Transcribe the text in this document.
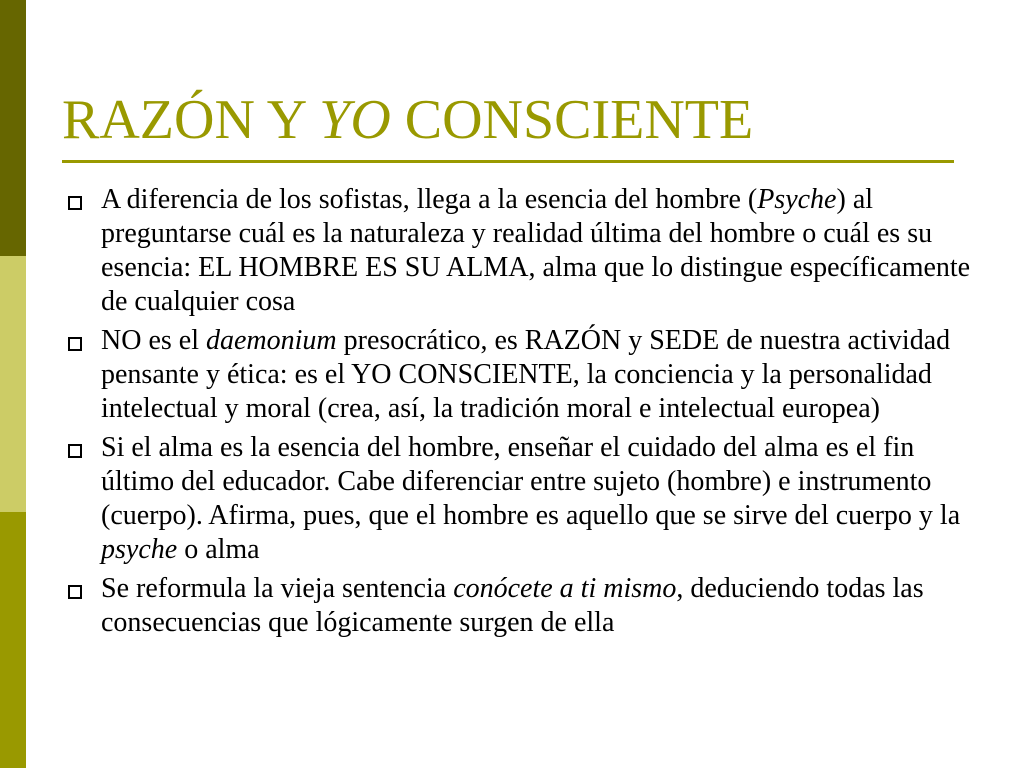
RAZÓN Y YO CONSCIENTE
A diferencia de los sofistas, llega a la esencia del hombre (Psyche) al preguntarse cuál es la naturaleza y realidad última del hombre o cuál es su esencia: EL HOMBRE ES SU ALMA, alma que lo distingue específicamente de cualquier cosa
NO es el daemonium presocrático, es RAZÓN y SEDE de nuestra actividad pensante y ética: es el YO CONSCIENTE, la conciencia y la personalidad intelectual y moral (crea, así, la tradición moral e intelectual europea)
Si el alma es la esencia del hombre, enseñar el cuidado del alma es el fin último del educador. Cabe diferenciar entre sujeto (hombre) e instrumento (cuerpo). Afirma, pues, que el hombre es aquello que se sirve del cuerpo y la psyche o alma
Se reformula la vieja sentencia conócete a ti mismo, deduciendo todas las consecuencias que lógicamente surgen de ella
